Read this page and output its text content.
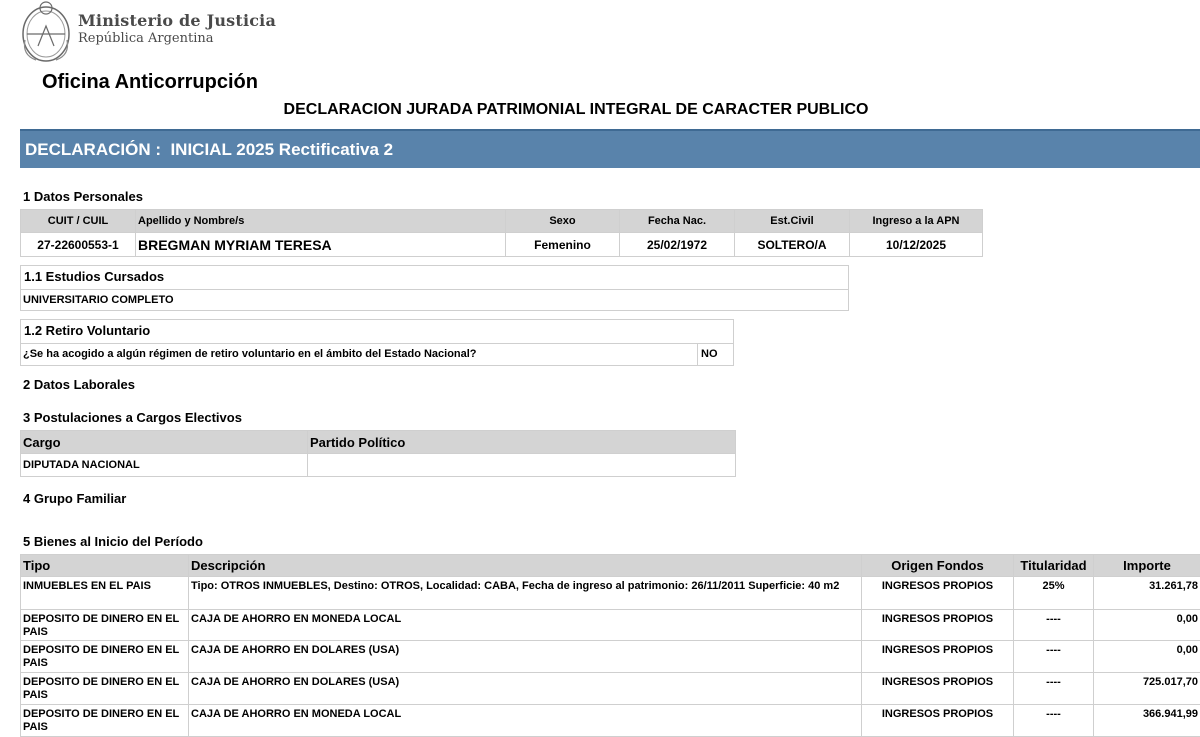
Ministerio de Justicia
República Argentina
Oficina Anticorrupción
DECLARACION JURADA PATRIMONIAL INTEGRAL DE CARACTER PUBLICO
DECLARACIÓN : INICIAL 2025 Rectificativa 2
1 Datos Personales
CUIT / CUIL	Apellido y Nombre/s	Sexo	Fecha Nac.	Est.Civil	Ingreso a la APN
27-22600553-1	BREGMAN MYRIAM TERESA	Femenino	25/02/1972	SOLTERO/A	10/12/2025
1.1 Estudios Cursados
UNIVERSITARIO COMPLETO
1.2 Retiro Voluntario
¿Se ha acogido a algún régimen de retiro voluntario en el ámbito del Estado Nacional?	NO
2 Datos Laborales
3 Postulaciones a Cargos Electivos
Cargo	Partido Político
DIPUTADA NACIONAL	
4 Grupo Familiar
5 Bienes al Inicio del Período
Tipo	Descripción	Origen Fondos	Titularidad	Importe
INMUEBLES EN EL PAIS	Tipo: OTROS INMUEBLES, Destino: OTROS, Localidad: CABA, Fecha de ingreso al patrimonio: 26/11/2011 Superficie: 40 m2	INGRESOS PROPIOS	25%	31.261,78
DEPOSITO DE DINERO EN EL PAIS	CAJA DE AHORRO EN MONEDA LOCAL	INGRESOS PROPIOS	----	0,00
DEPOSITO DE DINERO EN EL PAIS	CAJA DE AHORRO EN DOLARES (USA)	INGRESOS PROPIOS	----	0,00
DEPOSITO DE DINERO EN EL PAIS	CAJA DE AHORRO EN DOLARES (USA)	INGRESOS PROPIOS	----	725.017,70
DEPOSITO DE DINERO EN EL PAIS	CAJA DE AHORRO EN MONEDA LOCAL	INGRESOS PROPIOS	----	366.941,99
